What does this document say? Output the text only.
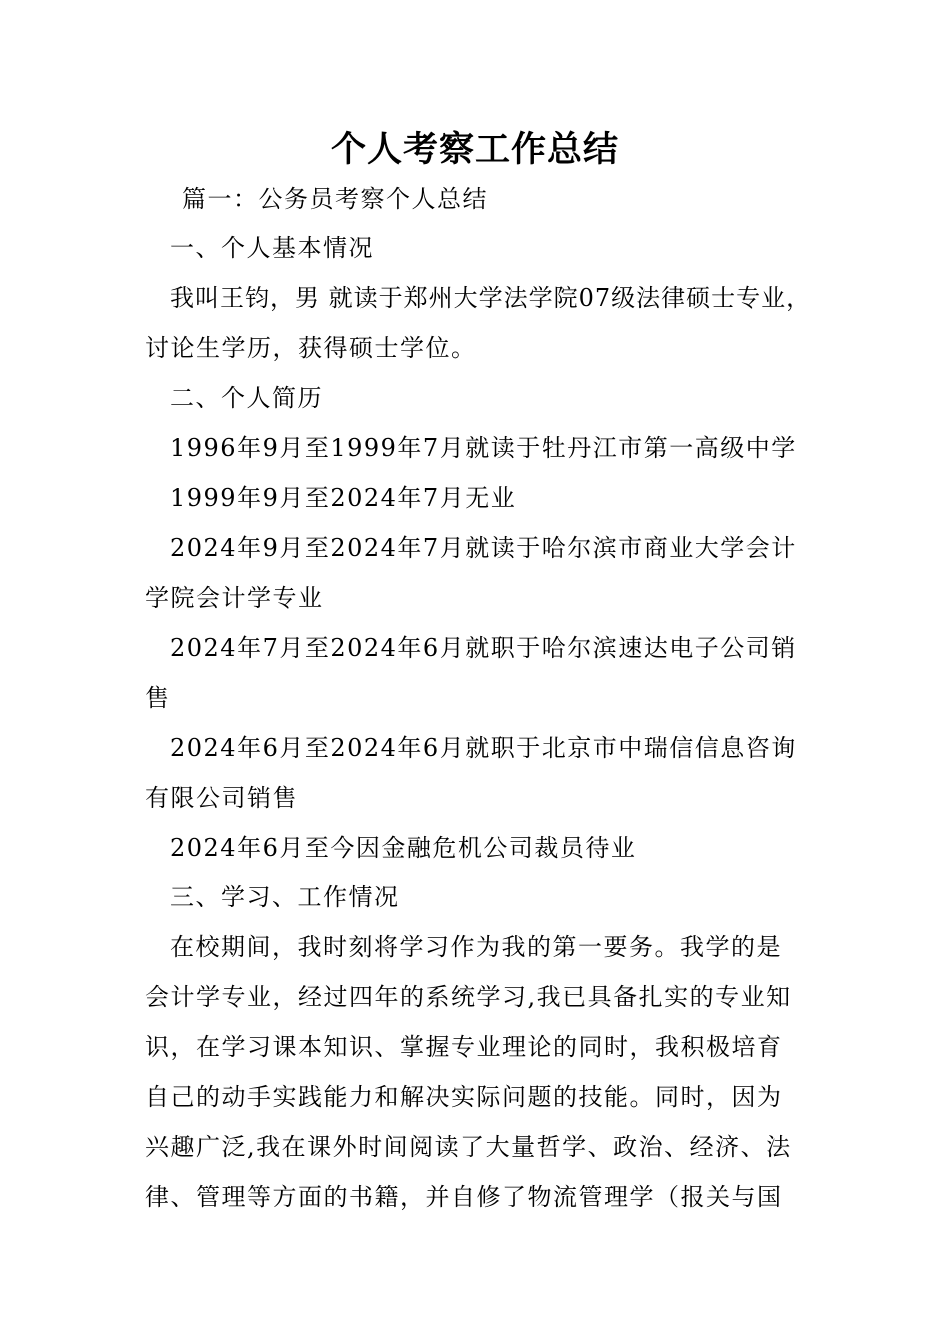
个人考察工作总结
篇一：公务员考察个人总结
一、个人基本情况
我叫王钧，男 就读于郑州大学法学院07级法律硕士专业，
讨论生学历，获得硕士学位。
二、个人简历
1996年9月至1999年7月就读于牡丹江市第一高级中学
1999年9月至2024年7月无业
2024年9月至2024年7月就读于哈尔滨市商业大学会计
学院会计学专业
2024年7月至2024年6月就职于哈尔滨速达电子公司销
售
2024年6月至2024年6月就职于北京市中瑞信信息咨询
有限公司销售
2024年6月至今因金融危机公司裁员待业
三、学习、工作情况
在校期间，我时刻将学习作为我的第一要务。我学的是
会计学专业，经过四年的系统学习,我已具备扎实的专业知
识，在学习课本知识、掌握专业理论的同时，我积极培育
自己的动手实践能力和解决实际问题的技能。同时，因为
兴趣广泛,我在课外时间阅读了大量哲学、政治、经济、法
律、管理等方面的书籍，并自修了物流管理学（报关与国
